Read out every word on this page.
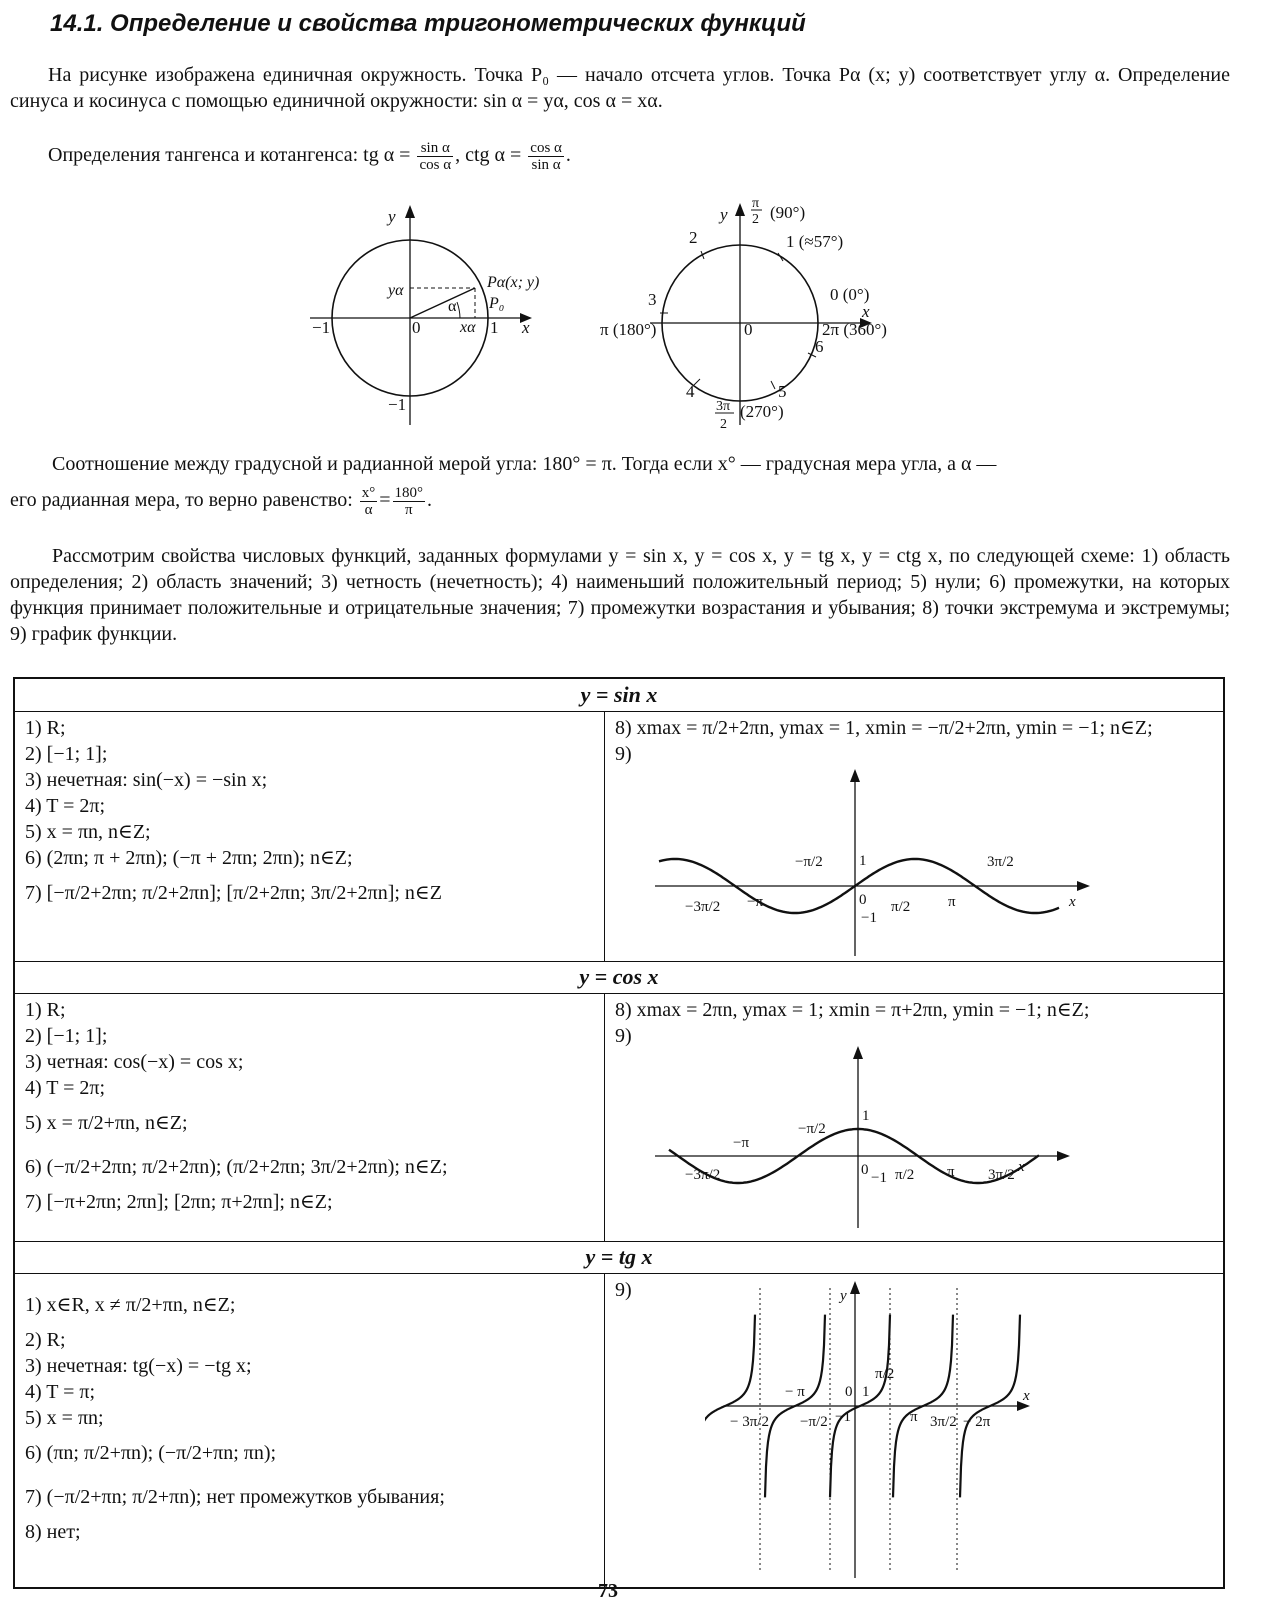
14.1. Определение и свойства тригонометрических функций
На рисунке изображена единичная окружность. Точка P₀ — начало отсчета углов. Точка Pα (x; y) соответствует углу α. Определение синуса и косинуса с помощью единичной окружности: sin α = yα, cos α = xα.
Определения тангенса и котангенса: tg $\alpha = \frac{\text{sin α}}{\text{cos α}}$ , ctg $\alpha = \frac{\text{cos α}}{\text{sin α}}$ .
y
x
yα
xα
Pα(x; y)
P₀
α
−1	0	1
−1
y
π
2 (90°)
1 (≈57°)
2
3
4	5
6
0 (0°)
x
2π (360°)
π (180°)	0
3π
2
(270°)
Соотношение между градусной и радианной мерой угла: 180° = π. Тогда если x° — градусная мера угла, а α —
его радианная мера, то верно равенство: $\frac{x^\circ}{\alpha} = \frac{180^\circ}{\pi}$ .
Рассмотрим свойства числовых функций, заданных формулами y = sin x, y = cos x, y = tg x, y = ctg x, по следующей схеме: 1) область определения; 2) область значений; 3) четность (нечетность); 4) наименьший положительный период; 5) нули; 6) промежутки, на которых функция принимает положительные и отрицательные значения; 7) промежутки возрастания и убывания; 8) точки экстремума и экстремумы; 9) график функции.
y = sin x
1) R;
2) [−1; 1];
3) нечетная: sin(−x) = −sin x;
4) T = 2π;
5) x = πn, n∈Z;
6) (2πn; π + 2πn); (−π + 2πn; 2πn); n∈Z;
7) [−π/2+2πn; π/2+2πn]; [π/2+2πn; 3π/2+2πn]; n∈Z
8) xmax = π/2+2πn, ymax = 1, xmin = −π/2+2πn, ymin = −1; n∈Z;
9)
−π/2 1	3π/2
−3π/2 −π	0
−1
π/2	π	x
y = cos x
1) R;
2) [−1; 1];
3) четная: cos(−x) = cos x;
4) T = 2π;
5) x = π/2+πn, n∈Z;
6) (−π/2+2πn; π/2+2πn); (π/2+2πn; 3π/2+2πn); n∈Z;
7) [−π+2πn; 2πn]; [2πn; π+2πn]; n∈Z;
8) xmax = 2πn, ymax = 1; xmin = π+2πn, ymin = −1; n∈Z;
9)
−π
−π/2
1
−3π/2	0 −1 π/2 π 3π/2 x
y = tg x
1) x∈R, x ≠ π/2+πn, n∈Z;
2) R;
3) нечетная: tg(−x) = −tg x;
4) T = π;
5) x = πn;
6) (πn; π/2+πn); (−π/2+πn; πn);
7) (−π/2+πn; π/2+πn); нет промежутков убывания;
8) нет;
9)	y
x
− π	0 1
π/2
− 3π/2 −π/2 −1	π 3π/2 − 2π
73
